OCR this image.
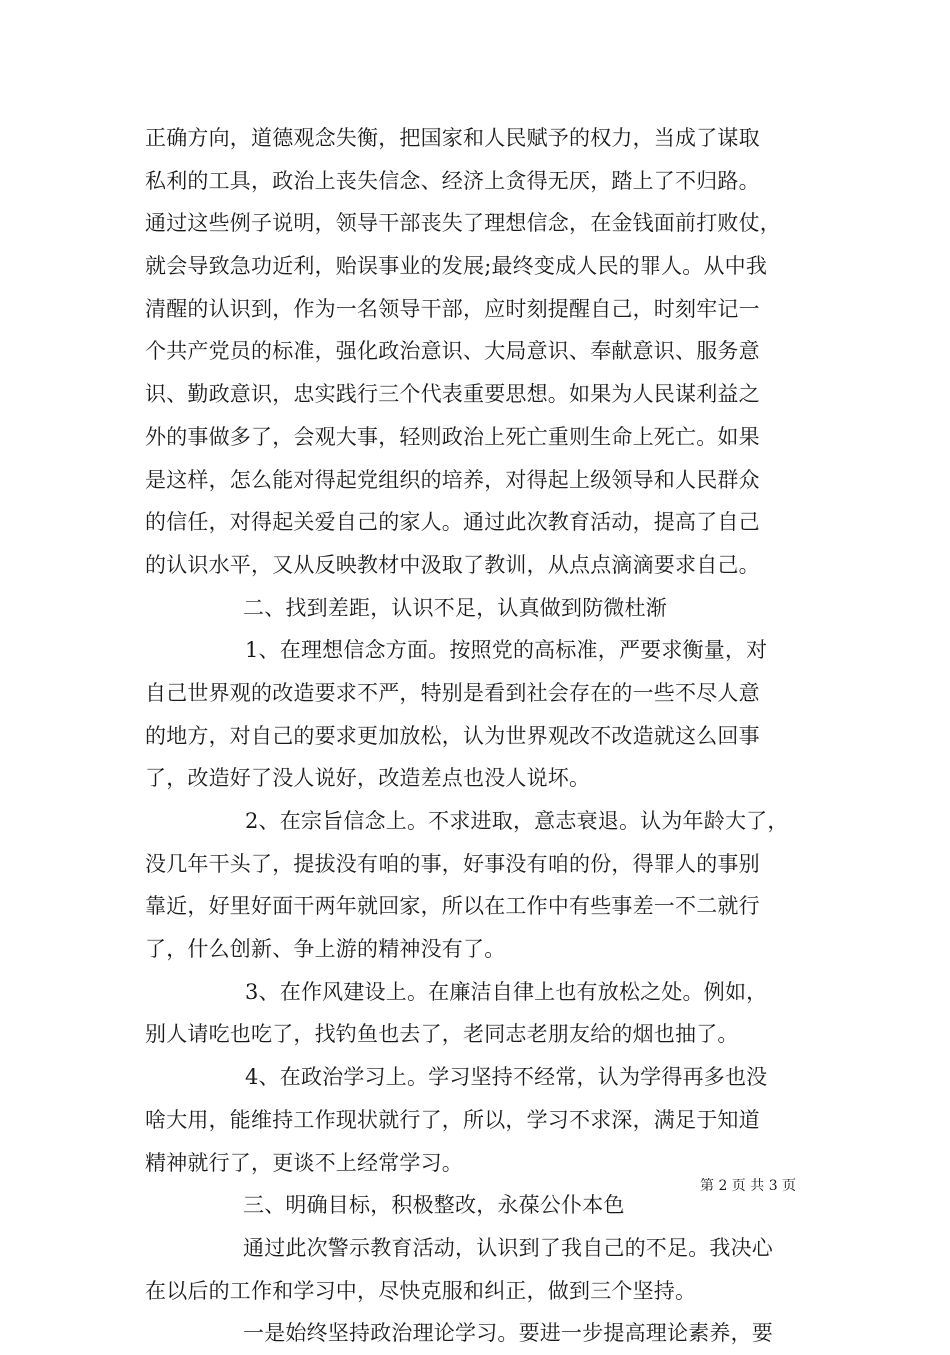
正确方向，道德观念失衡，把国家和人民赋予的权力，当成了谋取
私利的工具，政治上丧失信念、经济上贪得无厌，踏上了不归路。
通过这些例子说明，领导干部丧失了理想信念，在金钱面前打败仗，
就会导致急功近利，贻误事业的发展;最终变成人民的罪人。从中我
清醒的认识到，作为一名领导干部，应时刻提醒自己，时刻牢记一
个共产党员的标准，强化政治意识、大局意识、奉献意识、服务意
识、勤政意识，忠实践行三个代表重要思想。如果为人民谋利益之
外的事做多了，会观大事，轻则政治上死亡重则生命上死亡。如果
是这样，怎么能对得起党组织的培养，对得起上级领导和人民群众
的信任，对得起关爱自己的家人。通过此次教育活动，提高了自己
的认识水平，又从反映教材中汲取了教训，从点点滴滴要求自己。
二、找到差距，认识不足，认真做到防微杜渐
1、在理想信念方面。按照党的高标准，严要求衡量，对
自己世界观的改造要求不严，特别是看到社会存在的一些不尽人意
的地方，对自己的要求更加放松，认为世界观改不改造就这么回事
了，改造好了没人说好，改造差点也没人说坏。
2、在宗旨信念上。不求进取，意志衰退。认为年龄大了，
没几年干头了，提拔没有咱的事，好事没有咱的份，得罪人的事别
靠近，好里好面干两年就回家，所以在工作中有些事差一不二就行
了，什么创新、争上游的精神没有了。
3、在作风建设上。在廉洁自律上也有放松之处。例如，
别人请吃也吃了，找钓鱼也去了，老同志老朋友给的烟也抽了。
4、在政治学习上。学习坚持不经常，认为学得再多也没
啥大用，能维持工作现状就行了，所以，学习不求深，满足于知道
精神就行了，更谈不上经常学习。
三、明确目标，积极整改，永葆公仆本色
通过此次警示教育活动，认识到了我自己的不足。我决心
在以后的工作和学习中，尽快克服和纠正，做到三个坚持。
一是始终坚持政治理论学习。要进一步提高理论素养，要
第 2 页 共 3 页
